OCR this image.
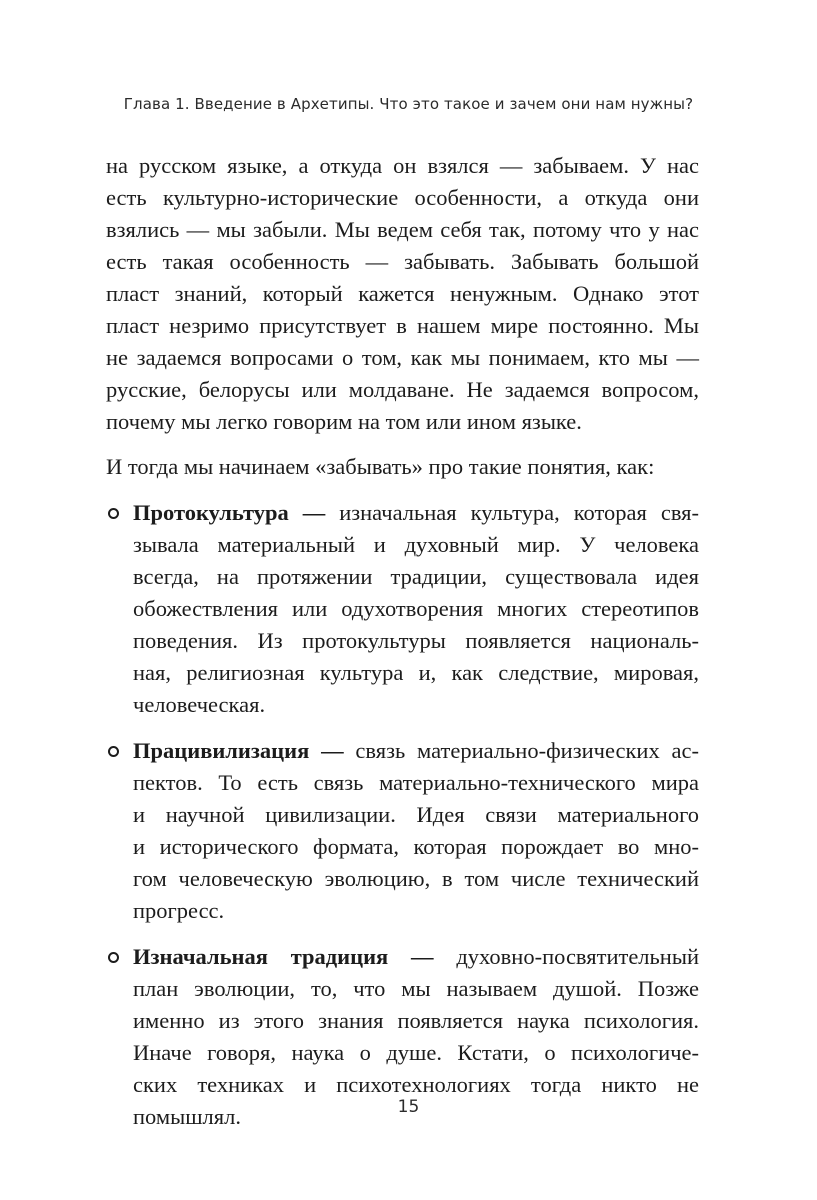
Глава 1. Введение в Архетипы. Что это такое и зачем они нам нужны?

на русском языке, а откуда он взялся — забываем. У нас
есть культурно-исторические особенности, а откуда они
взялись — мы забыли. Мы ведем себя так, потому что у нас
есть такая особенность — забывать. Забывать большой
пласт знаний, который кажется ненужным. Однако этот
пласт незримо присутствует в нашем мире постоянно. Мы
не задаемся вопросами о том, как мы понимаем, кто мы —
русские, белорусы или молдаване. Не задаемся вопросом,
почему мы легко говорим на том или ином языке.

И тогда мы начинаем «забывать» про такие понятия, как:

Протокультура — изначальная культура, которая свя-
зывала материальный и духовный мир. У человека
всегда, на протяжении традиции, существовала идея
обожествления или одухотворения многих стереотипов
поведения. Из протокультуры появляется националь-
ная, религиозная культура и, как следствие, мировая,
человеческая.
Працивилизация — связь материально-физических ас-
пектов. То есть связь материально-технического мира
и научной цивилизации. Идея связи материального
и исторического формата, которая порождает во мно-
гом человеческую эволюцию, в том числе технический
прогресс.
Изначальная традиция — духовно-посвятительный
план эволюции, то, что мы называем душой. Позже
именно из этого знания появляется наука психология.
Иначе говоря, наука о душе. Кстати, о психологиче-
ских техниках и психотехнологиях тогда никто не
помышлял.	15
